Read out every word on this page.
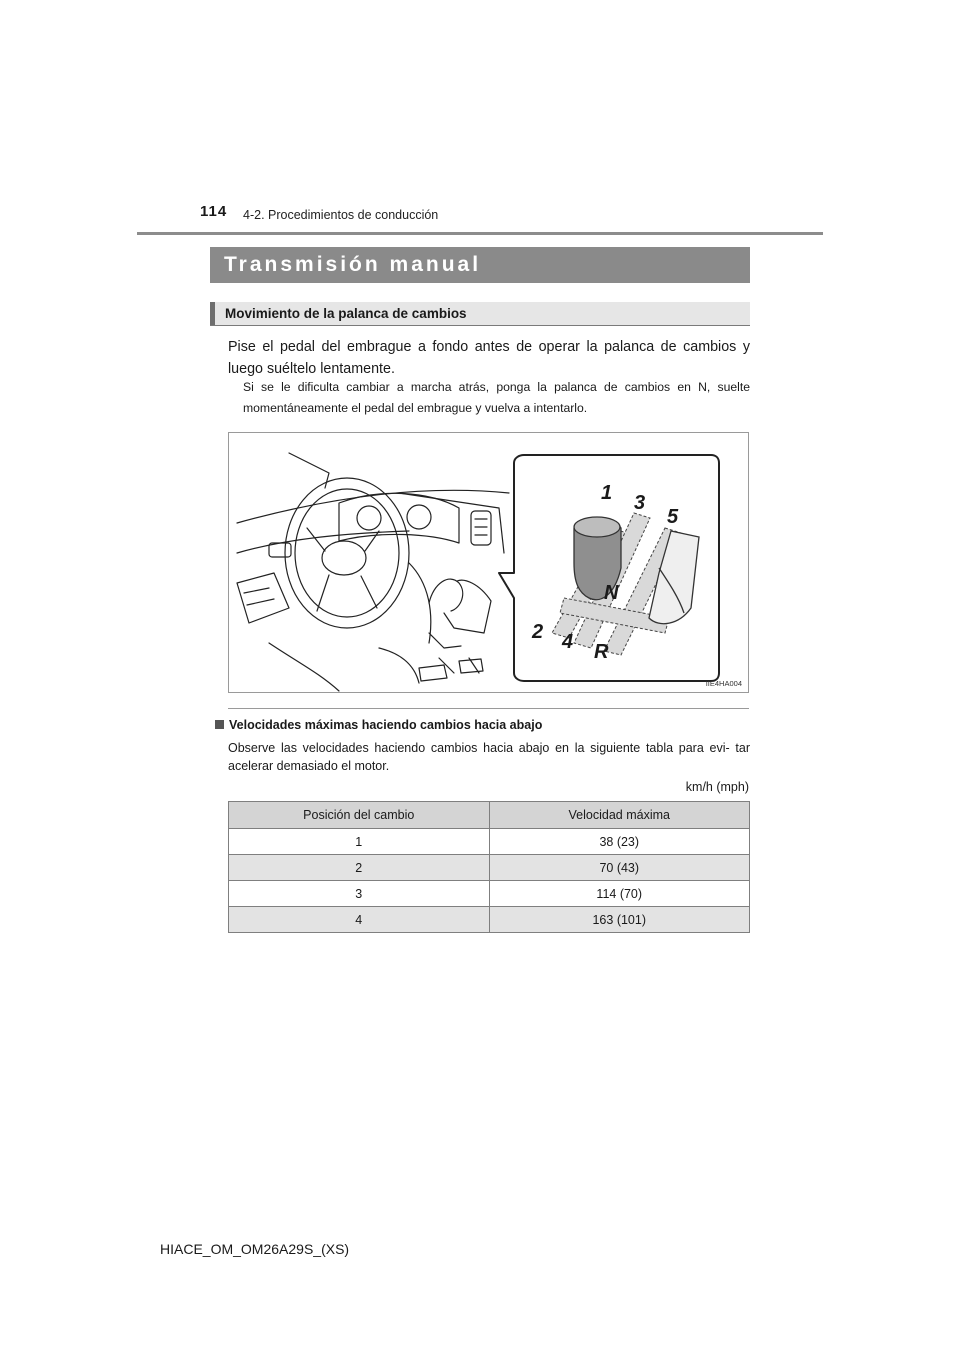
114 4-2. Procedimientos de conducción
Transmisión manual
Movimiento de la palanca de cambios
Pise el pedal del embrague a fondo antes de operar la palanca de cambios y luego suéltelo lentamente.
Si se le dificulta cambiar a marcha atrás, ponga la palanca de cambios en N, suelte momentáneamente el pedal del embrague y vuelva a intentarlo.
1 3
5
N
2 4 R
IIE4HA004
Velocidades máximas haciendo cambios hacia abajo
Observe las velocidades haciendo cambios hacia abajo en la siguiente tabla para evi- tar acelerar demasiado el motor.
km/h (mph)
Posición del cambio	Velocidad máxima
1	38 (23)
2	70 (43)
3	114 (70)
4	163 (101)
HIACE_OM_OM26A29S_(XS)
